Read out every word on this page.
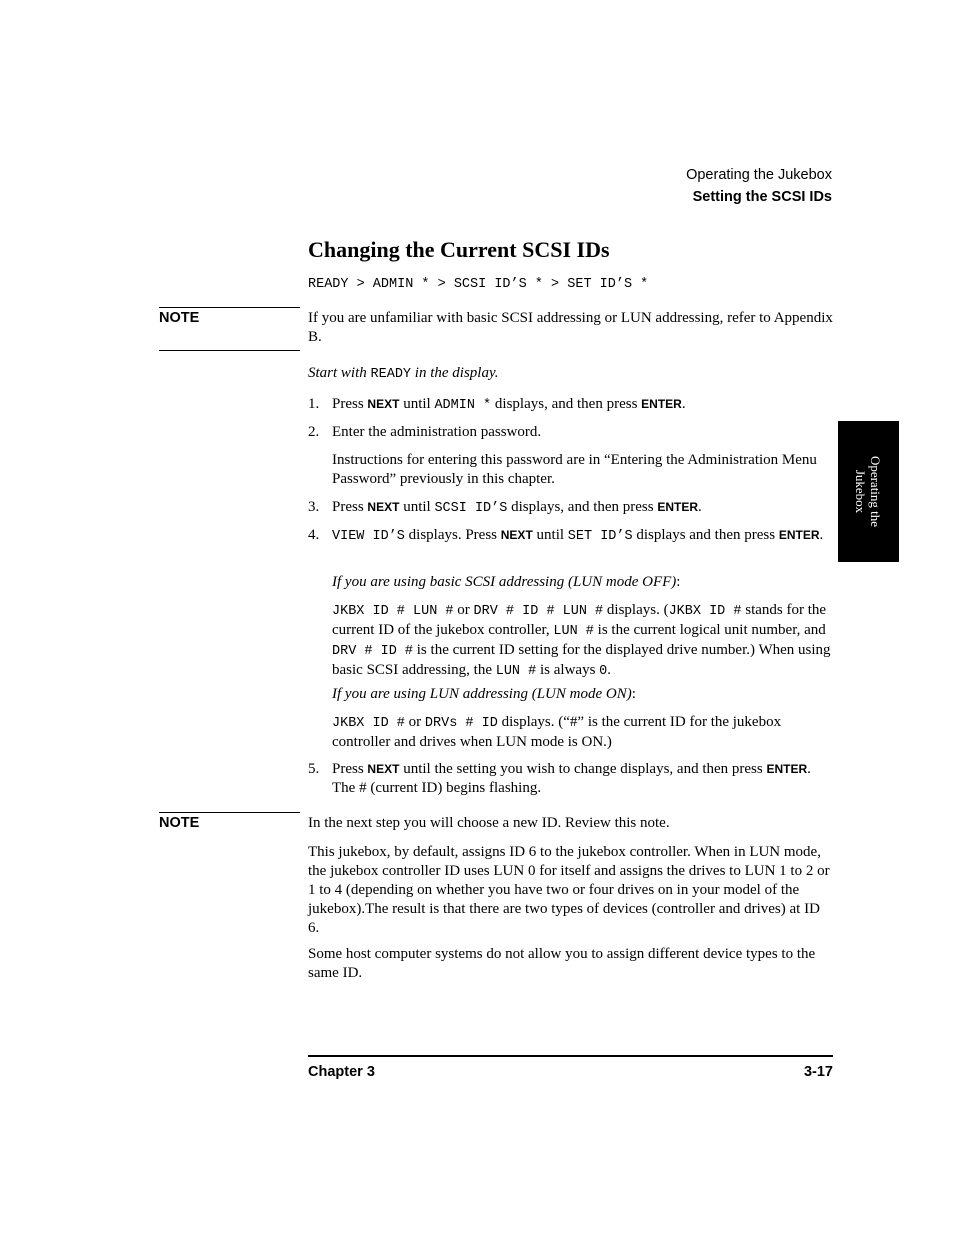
Operating the Jukebox
Setting the SCSI IDs
Changing the Current SCSI IDs
READY > ADMIN * > SCSI ID’S * > SET ID’S *
NOTE	If you are unfamiliar with basic SCSI addressing or LUN addressing, refer to Appendix B.

Start with READY in the display.

1. Press NEXT until ADMIN * displays, and then press ENTER.
2. Enter the administration password.

Instructions for entering this password are in “Entering the Administration Menu Password” previously in this chapter.

3. Press NEXT until SCSI ID’S displays, and then press ENTER.
4. VIEW ID’S displays. Press NEXT until SET ID’S displays and then press ENTER.

If you are using basic SCSI addressing (LUN mode OFF):

JKBX ID # LUN # or DRV # ID # LUN # displays. (JKBX ID # stands for the current ID of the jukebox controller, LUN # is the current logical unit number, and DRV # ID # is the current ID setting for the displayed drive number.) When using basic SCSI addressing, the LUN # is always 0.

If you are using LUN addressing (LUN mode ON):

JKBX ID # or DRVs # ID displays. (“#” is the current ID for the jukebox controller and drives when LUN mode is ON.)

5. Press NEXT until the setting you wish to change displays, and then press ENTER. The # (current ID) begins flashing.
NOTE	In the next step you will choose a new ID. Review this note.

This jukebox, by default, assigns ID 6 to the jukebox controller. When in LUN mode, the jukebox controller ID uses LUN 0 for itself and assigns the drives to LUN 1 to 2 or 1 to 4 (depending on whether you have two or four drives on in your model of the jukebox).The result is that there are two types of devices (controller and drives) at ID 6.

Some host computer systems do not allow you to assign different device types to the same ID.

Operating the
Jukebox
Chapter 3	3-17
